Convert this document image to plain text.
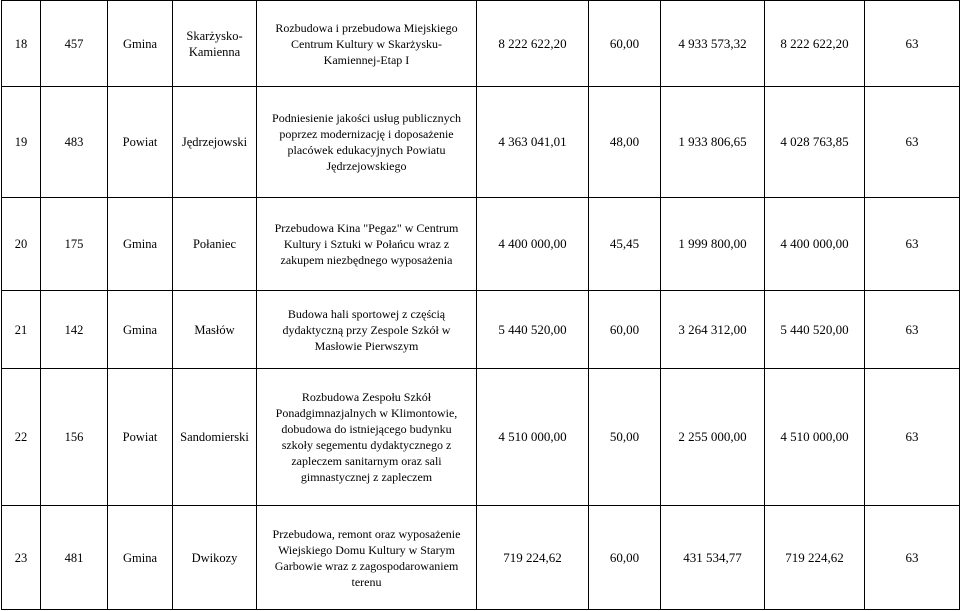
18	457	Gmina	Skarżysko-Kamienna	Rozbudowa i przebudowa Miejskiego Centrum Kultury w Skarżysku-Kamiennej-Etap I	8 222 622,20	60,00	4 933 573,32	8 222 622,20	63
19	483	Powiat	Jędrzejowski	Podniesienie jakości usług publicznych poprzez modernizację i doposażenie placówek edukacyjnych Powiatu Jędrzejowskiego	4 363 041,01	48,00	1 933 806,65	4 028 763,85	63
20	175	Gmina	Połaniec	Przebudowa Kina "Pegaz" w Centrum Kultury i Sztuki w Połańcu wraz z zakupem niezbędnego wyposażenia	4 400 000,00	45,45	1 999 800,00	4 400 000,00	63
21	142	Gmina	Masłów	Budowa hali sportowej z częścią dydaktyczną przy Zespole Szkół w Masłowie Pierwszym	5 440 520,00	60,00	3 264 312,00	5 440 520,00	63
22	156	Powiat	Sandomierski	Rozbudowa Zespołu Szkół Ponadgimnazjalnych w Klimontowie, dobudowa do istniejącego budynku szkoły segementu dydaktycznego z zapleczem sanitarnym oraz sali gimnastycznej z zapleczem	4 510 000,00	50,00	2 255 000,00	4 510 000,00	63
23	481	Gmina	Dwikozy	Przebudowa, remont oraz wyposażenie Wiejskiego Domu Kultury w Starym Garbowie wraz z zagospodarowaniem terenu	719 224,62	60,00	431 534,77	719 224,62	63
